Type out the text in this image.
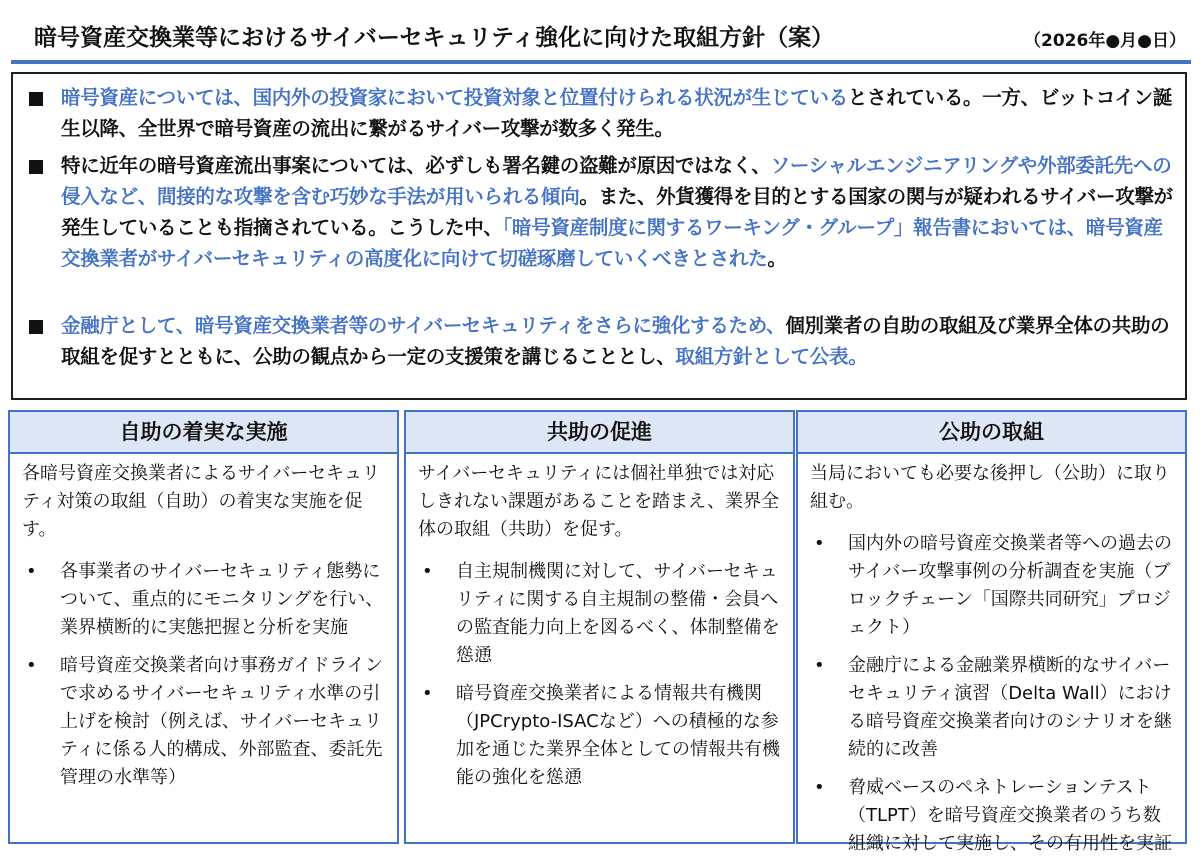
暗号資産交換業等におけるサイバーセキュリティ強化に向けた取組方針（案）	（2026年●月●日）
暗号資産については、国内外の投資家において投資対象と位置付けられる状況が生じているとされている。一方、ビットコイン誕生以降、全世界で暗号資産の流出に繋がるサイバー攻撃が数多く発生。
特に近年の暗号資産流出事案については、必ずしも署名鍵の盗難が原因ではなく、ソーシャルエンジニアリングや外部委託先への侵入など、間接的な攻撃を含む巧妙な手法が用いられる傾向。また、外貨獲得を目的とする国家の関与が疑われるサイバー攻撃が発生していることも指摘されている。こうした中、「暗号資産制度に関するワーキング・グループ」報告書においては、暗号資産交換業者がサイバーセキュリティの高度化に向けて切磋琢磨していくべきとされた。
金融庁として、暗号資産交換業者等のサイバーセキュリティをさらに強化するため、個別業者の自助の取組及び業界全体の共助の取組を促すとともに、公助の観点から一定の支援策を講じることとし、取組方針として公表。
自助の着実な実施
各暗号資産交換業者によるサイバーセキュリティ対策の取組（自助）の着実な実施を促す。
• 各事業者のサイバーセキュリティ態勢について、重点的にモニタリングを行い、業界横断的に実態把握と分析を実施
• 暗号資産交換業者向け事務ガイドラインで求めるサイバーセキュリティ水準の引上げを検討（例えば、サイバーセキュリティに係る人的構成、外部監査、委託先管理の水準等）
共助の促進
サイバーセキュリティには個社単独では対応しきれない課題があることを踏まえ、業界全体の取組（共助）を促す。
• 自主規制機関に対して、サイバーセキュリティに関する自主規制の整備・会員への監査能力向上を図るべく、体制整備を慫慂
• 暗号資産交換業者による情報共有機関（JPCrypto-ISACなど）への積極的な参加を通じた業界全体としての情報共有機能の強化を慫慂
公助の取組
当局においても必要な後押し（公助）に取り組む。
• 国内外の暗号資産交換業者等への過去のサイバー攻撃事例の分析調査を実施（ブロックチェーン「国際共同研究」プロジェクト）
• 金融庁による金融業界横断的なサイバーセキュリティ演習（Delta Wall）における暗号資産交換業者向けのシナリオを継続的に改善
• 脅威ベースのペネトレーションテスト（TLPT）を暗号資産交換業者のうち数組織に対して実施し、その有用性を実証
